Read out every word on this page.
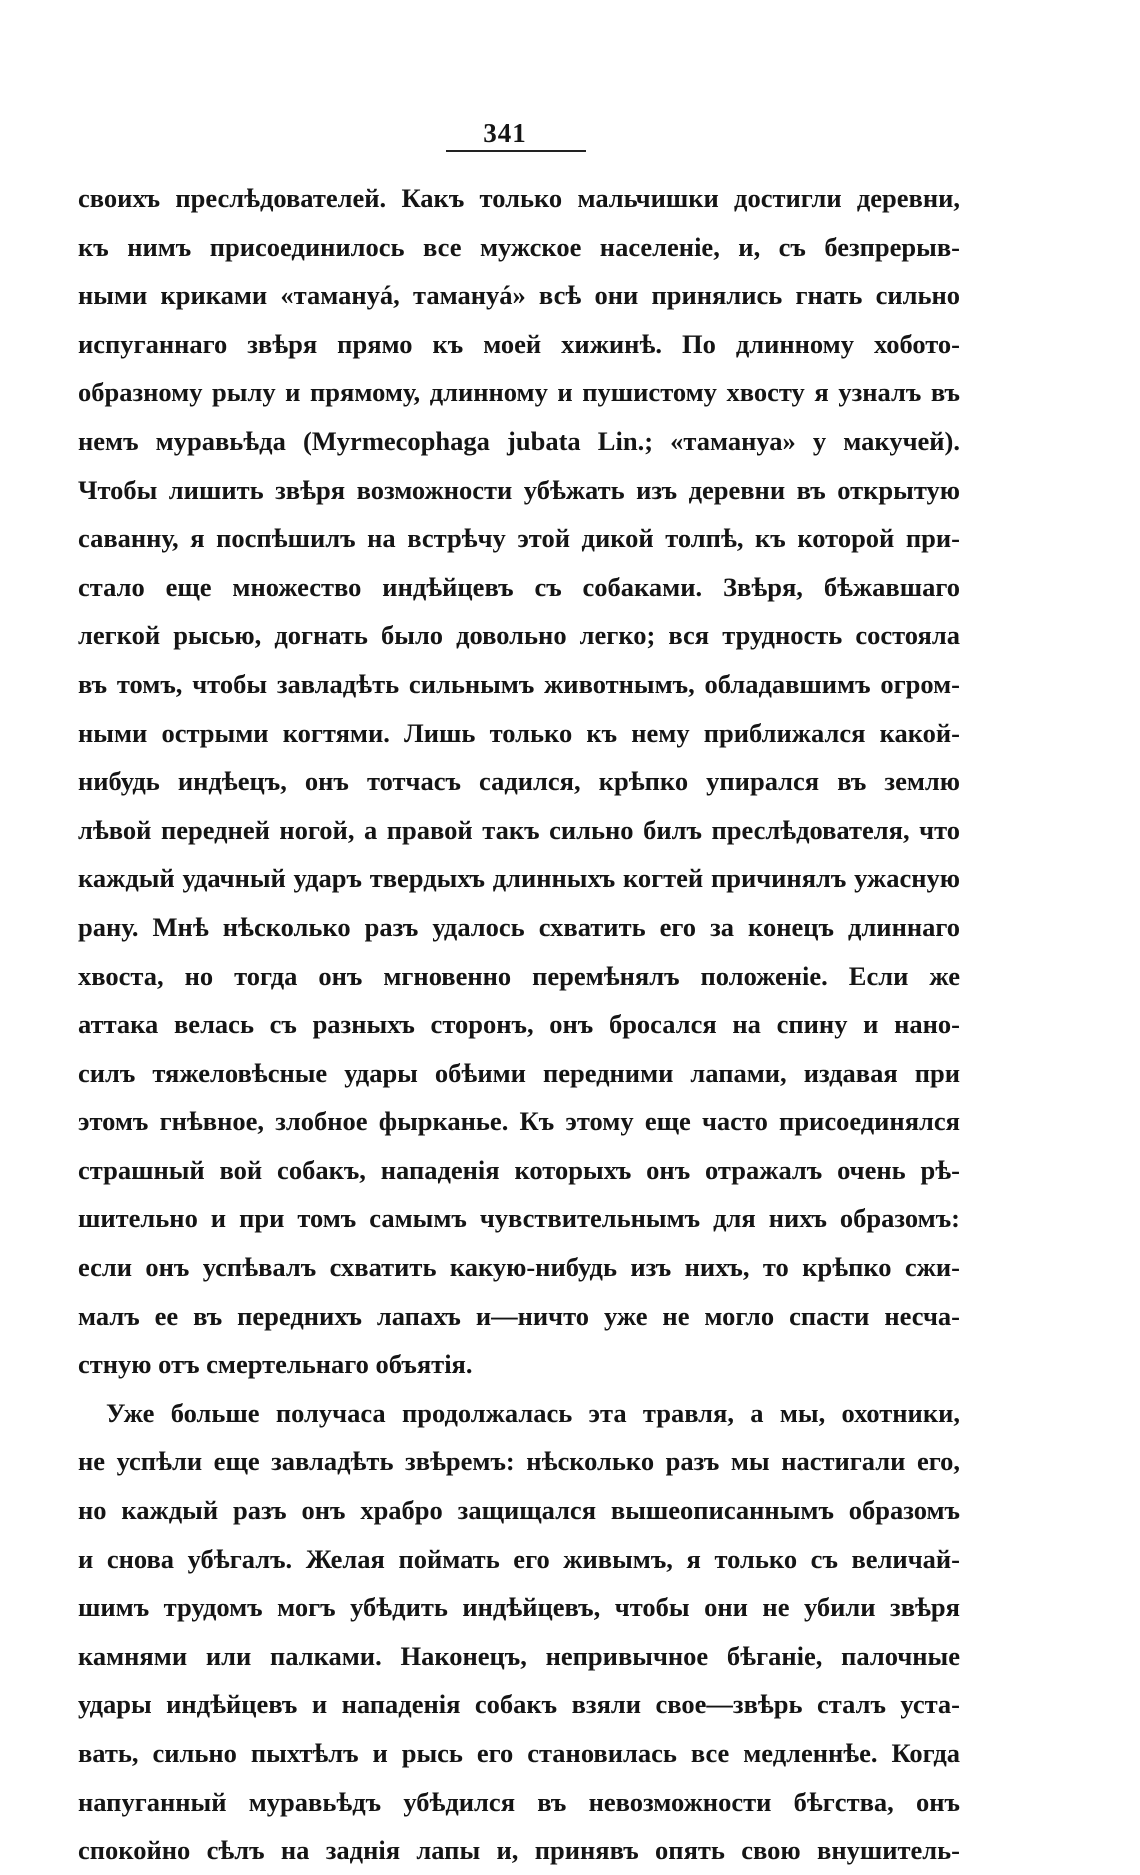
341
своихъ преслѣдователей. Какъ только мальчишки достигли деревни,
къ нимъ присоединилось все мужское населеніе, и, съ безпрерыв-
ными криками «тамануá, тамануá» всѣ они принялись гнать сильно
испуганнаго звѣря прямо къ моей хижинѣ. По длинному хобото-
образному рылу и прямому, длинному и пушистому хвосту я узналъ въ
немъ муравьѣда (Myrmecophaga jubata Lin.; «тамануа» у макучей).
Чтобы лишить звѣря возможности убѣжать изъ деревни въ открытую
саванну, я поспѣшилъ на встрѣчу этой дикой толпѣ, къ которой при-
стало еще множество индѣйцевъ съ собаками. Звѣря, бѣжавшаго
легкой рысью, догнать было довольно легко; вся трудность состояла
въ томъ, чтобы завладѣть сильнымъ животнымъ, обладавшимъ огром-
ными острыми когтями. Лишь только къ нему приближался какой-
нибудь индѣецъ, онъ тотчасъ садился, крѣпко упирался въ землю
лѣвой передней ногой, а правой такъ сильно билъ преслѣдователя, что
каждый удачный ударъ твердыхъ длинныхъ когтей причинялъ ужасную
рану. Мнѣ нѣсколько разъ удалось схватить его за конецъ длиннаго
хвоста, но тогда онъ мгновенно перемѣнялъ положеніе. Если же
аттака велась съ разныхъ сторонъ, онъ бросался на спину и нано-
силъ тяжеловѣсные удары обѣими передними лапами, издавая при
этомъ гнѣвное, злобное фырканье. Къ этому еще часто присоединялся
страшный вой собакъ, нападенія которыхъ онъ отражалъ очень рѣ-
шительно и при томъ самымъ чувствительнымъ для нихъ образомъ:
если онъ успѣвалъ схватить какую-нибудь изъ нихъ, то крѣпко сжи-
малъ ее въ переднихъ лапахъ и—ничто уже не могло спасти несча-
стную отъ смертельнаго объятія.
Уже больше получаса продолжалась эта травля, а мы, охотники,
не успѣли еще завладѣть звѣремъ: нѣсколько разъ мы настигали его,
но каждый разъ онъ храбро защищался вышеописаннымъ образомъ
и снова убѣгалъ. Желая поймать его живымъ, я только съ величай-
шимъ трудомъ могъ убѣдить индѣйцевъ, чтобы они не убили звѣря
камнями или палками. Наконецъ, непривычное бѣганіе, палочные
удары индѣйцевъ и нападенія собакъ взяли свое—звѣрь сталъ уста-
вать, сильно пыхтѣлъ и рысь его становилась все медленнѣе. Когда
напуганный муравьѣдъ убѣдился въ невозможности бѣгства, онъ
спокойно сѣлъ на заднія лапы и, принявъ опять свою внушитель-
